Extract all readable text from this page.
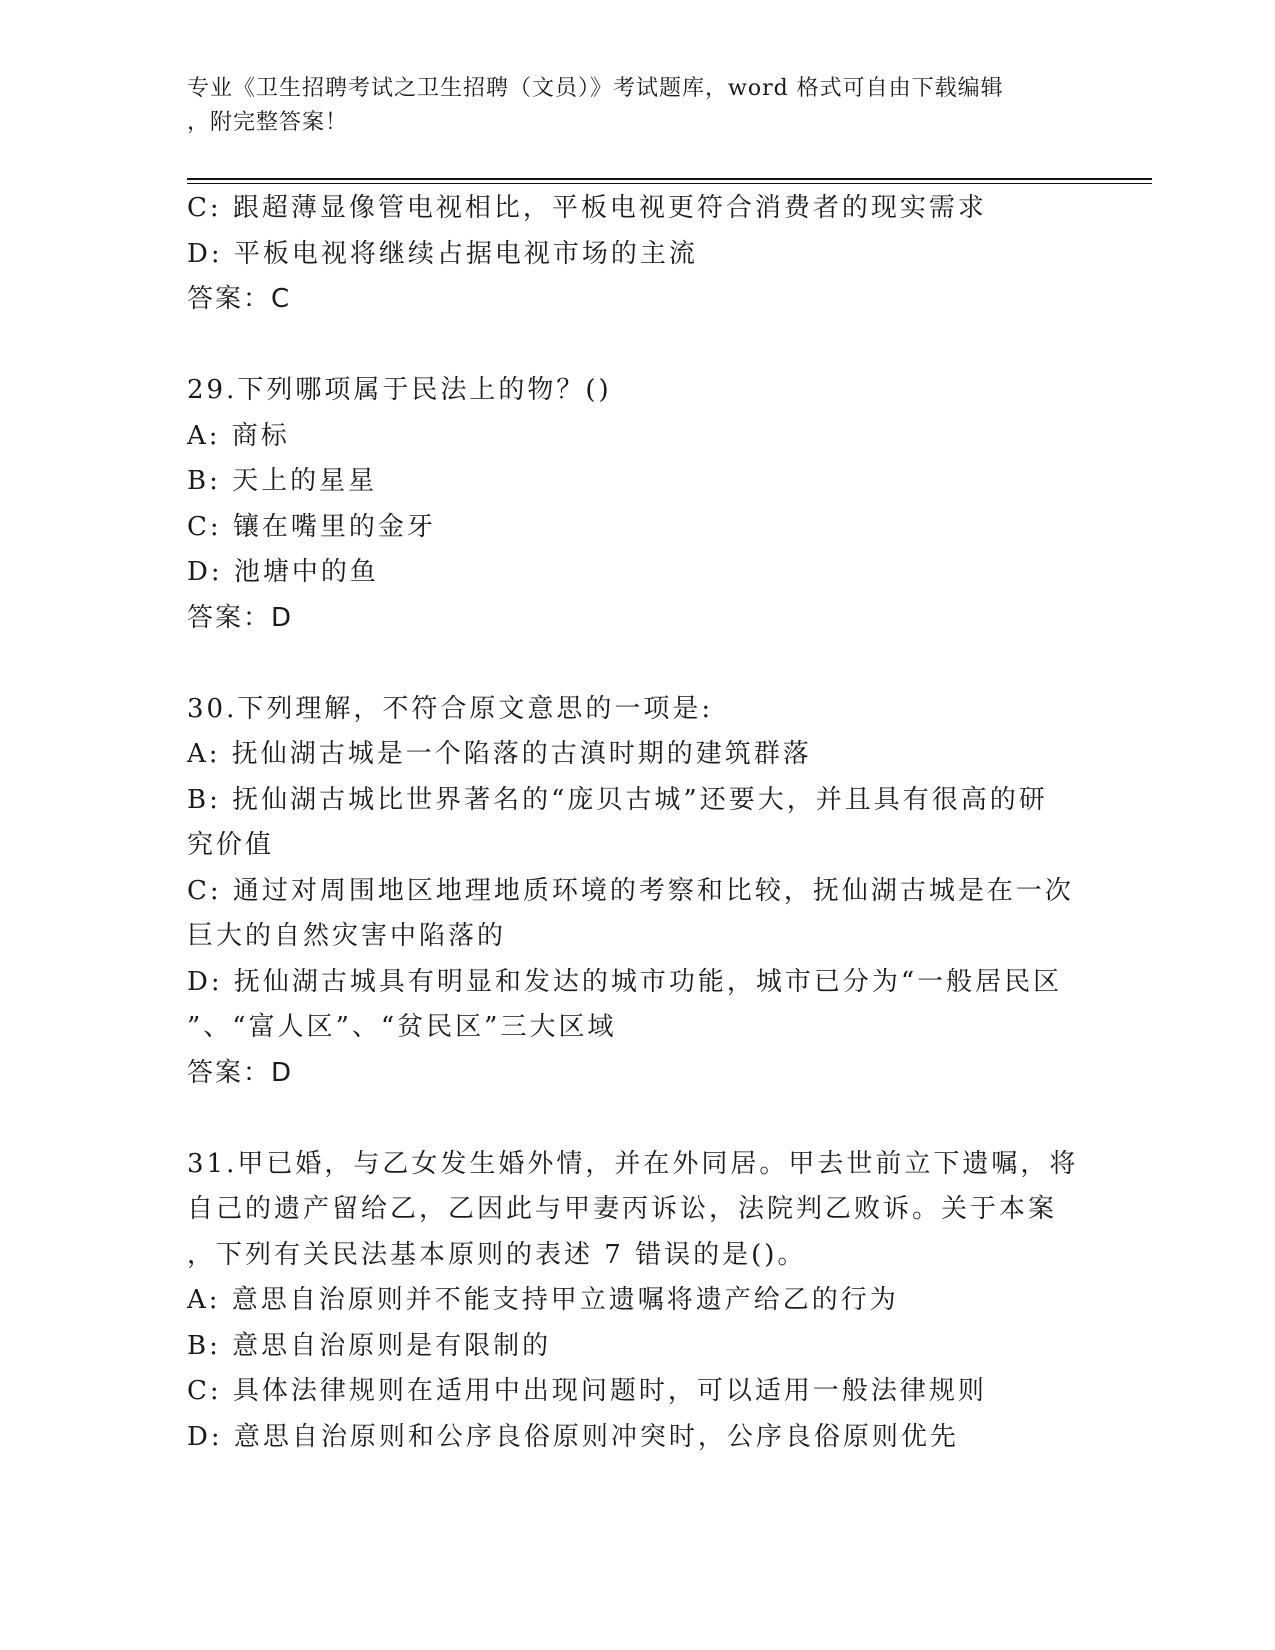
专业《卫生招聘考试之卫生招聘（文员）》考试题库，word 格式可自由下载编辑
，附完整答案！
C: 跟超薄显像管电视相比，平板电视更符合消费者的现实需求
D: 平板电视将继续占据电视市场的主流
答案：C
29.下列哪项属于民法上的物？()
A: 商标
B: 天上的星星
C: 镶在嘴里的金牙
D: 池塘中的鱼
答案：D
30.下列理解，不符合原文意思的一项是:
A: 抚仙湖古城是一个陷落的古滇时期的建筑群落
B: 抚仙湖古城比世界著名的“庞贝古城”还要大，并且具有很高的研
究价值
C: 通过对周围地区地理地质环境的考察和比较，抚仙湖古城是在一次
巨大的自然灾害中陷落的
D: 抚仙湖古城具有明显和发达的城市功能，城市已分为“一般居民区
”、“富人区”、“贫民区”三大区域
答案：D
31.甲已婚，与乙女发生婚外情，并在外同居。甲去世前立下遗嘱，将
自己的遗产留给乙，乙因此与甲妻丙诉讼，法院判乙败诉。关于本案
，下列有关民法基本原则的表述 7 错误的是()。
A: 意思自治原则并不能支持甲立遗嘱将遗产给乙的行为
B: 意思自治原则是有限制的
C: 具体法律规则在适用中出现问题时，可以适用一般法律规则
D: 意思自治原则和公序良俗原则冲突时，公序良俗原则优先
